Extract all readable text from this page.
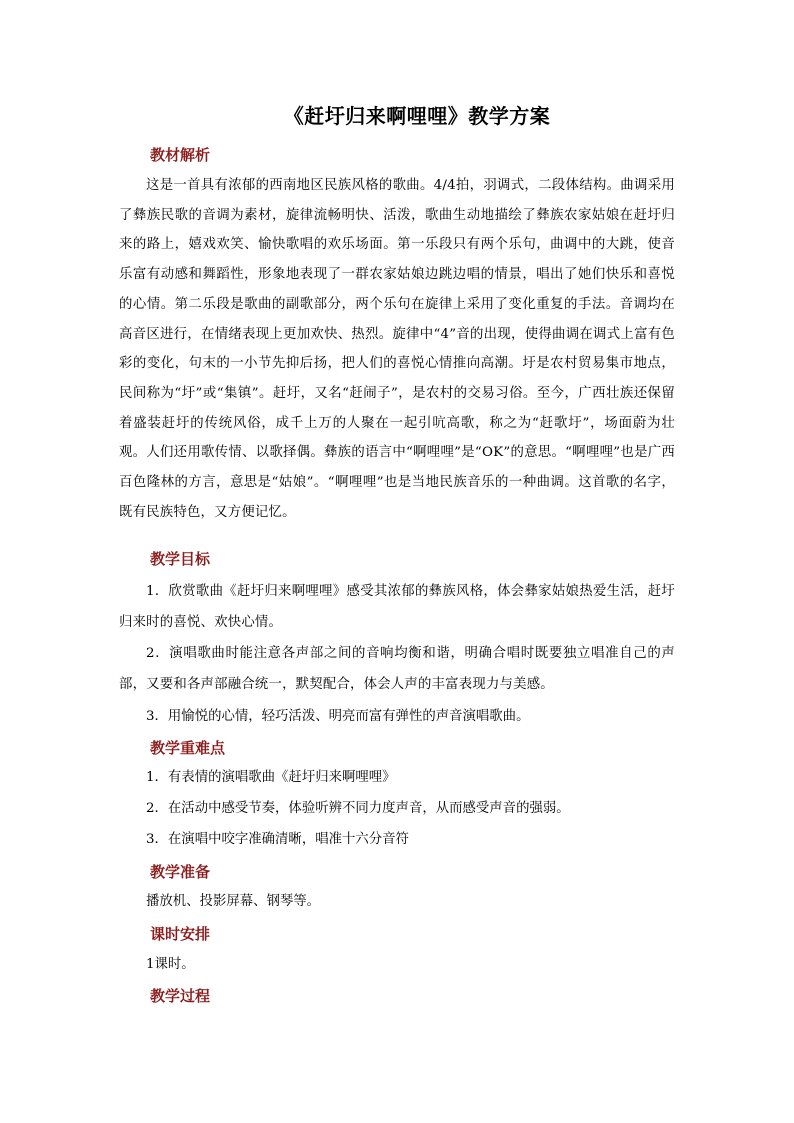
《赶圩归来啊哩哩》教学方案
教材解析
这是一首具有浓郁的西南地区民族风格的歌曲。4/4拍，羽调式，二段体结构。曲调采用了彝族民歌的音调为素材，旋律流畅明快、活泼，歌曲生动地描绘了彝族农家姑娘在赶圩归来的路上，嬉戏欢笑、愉快歌唱的欢乐场面。第一乐段只有两个乐句，曲调中的大跳，使音乐富有动感和舞蹈性，形象地表现了一群农家姑娘边跳边唱的情景，唱出了她们快乐和喜悦的心情。第二乐段是歌曲的副歌部分，两个乐句在旋律上采用了变化重复的手法。音调均在高音区进行，在情绪表现上更加欢快、热烈。旋律中“4”音的出现，使得曲调在调式上富有色彩的变化，句末的一小节先抑后扬，把人们的喜悦心情推向高潮。圩是农村贸易集市地点，民间称为“圩”或“集镇”。赶圩，又名“赶闹子”，是农村的交易习俗。至今，广西壮族还保留着盛装赶圩的传统风俗，成千上万的人聚在一起引吭高歌，称之为“赶歌圩”，场面蔚为壮观。人们还用歌传情、以歌择偶。彝族的语言中“啊哩哩”是“OK”的意思。“啊哩哩”也是广西百色隆林的方言，意思是“姑娘”。“啊哩哩”也是当地民族音乐的一种曲调。这首歌的名字，既有民族特色，又方便记忆。
教学目标
1．欣赏歌曲《赶圩归来啊哩哩》感受其浓郁的彝族风格，体会彝家姑娘热爱生活，赶圩归来时的喜悦、欢快心情。
2．演唱歌曲时能注意各声部之间的音响均衡和谐，明确合唱时既要独立唱准自己的声部，又要和各声部融合统一，默契配合，体会人声的丰富表现力与美感。
3．用愉悦的心情，轻巧活泼、明亮而富有弹性的声音演唱歌曲。
教学重难点
1．有表情的演唱歌曲《赶圩归来啊哩哩》
2．在活动中感受节奏，体验听辨不同力度声音，从而感受声音的强弱。
3．在演唱中咬字准确清晰，唱准十六分音符
教学准备
播放机、投影屏幕、钢琴等。
课时安排
1课时。
教学过程
